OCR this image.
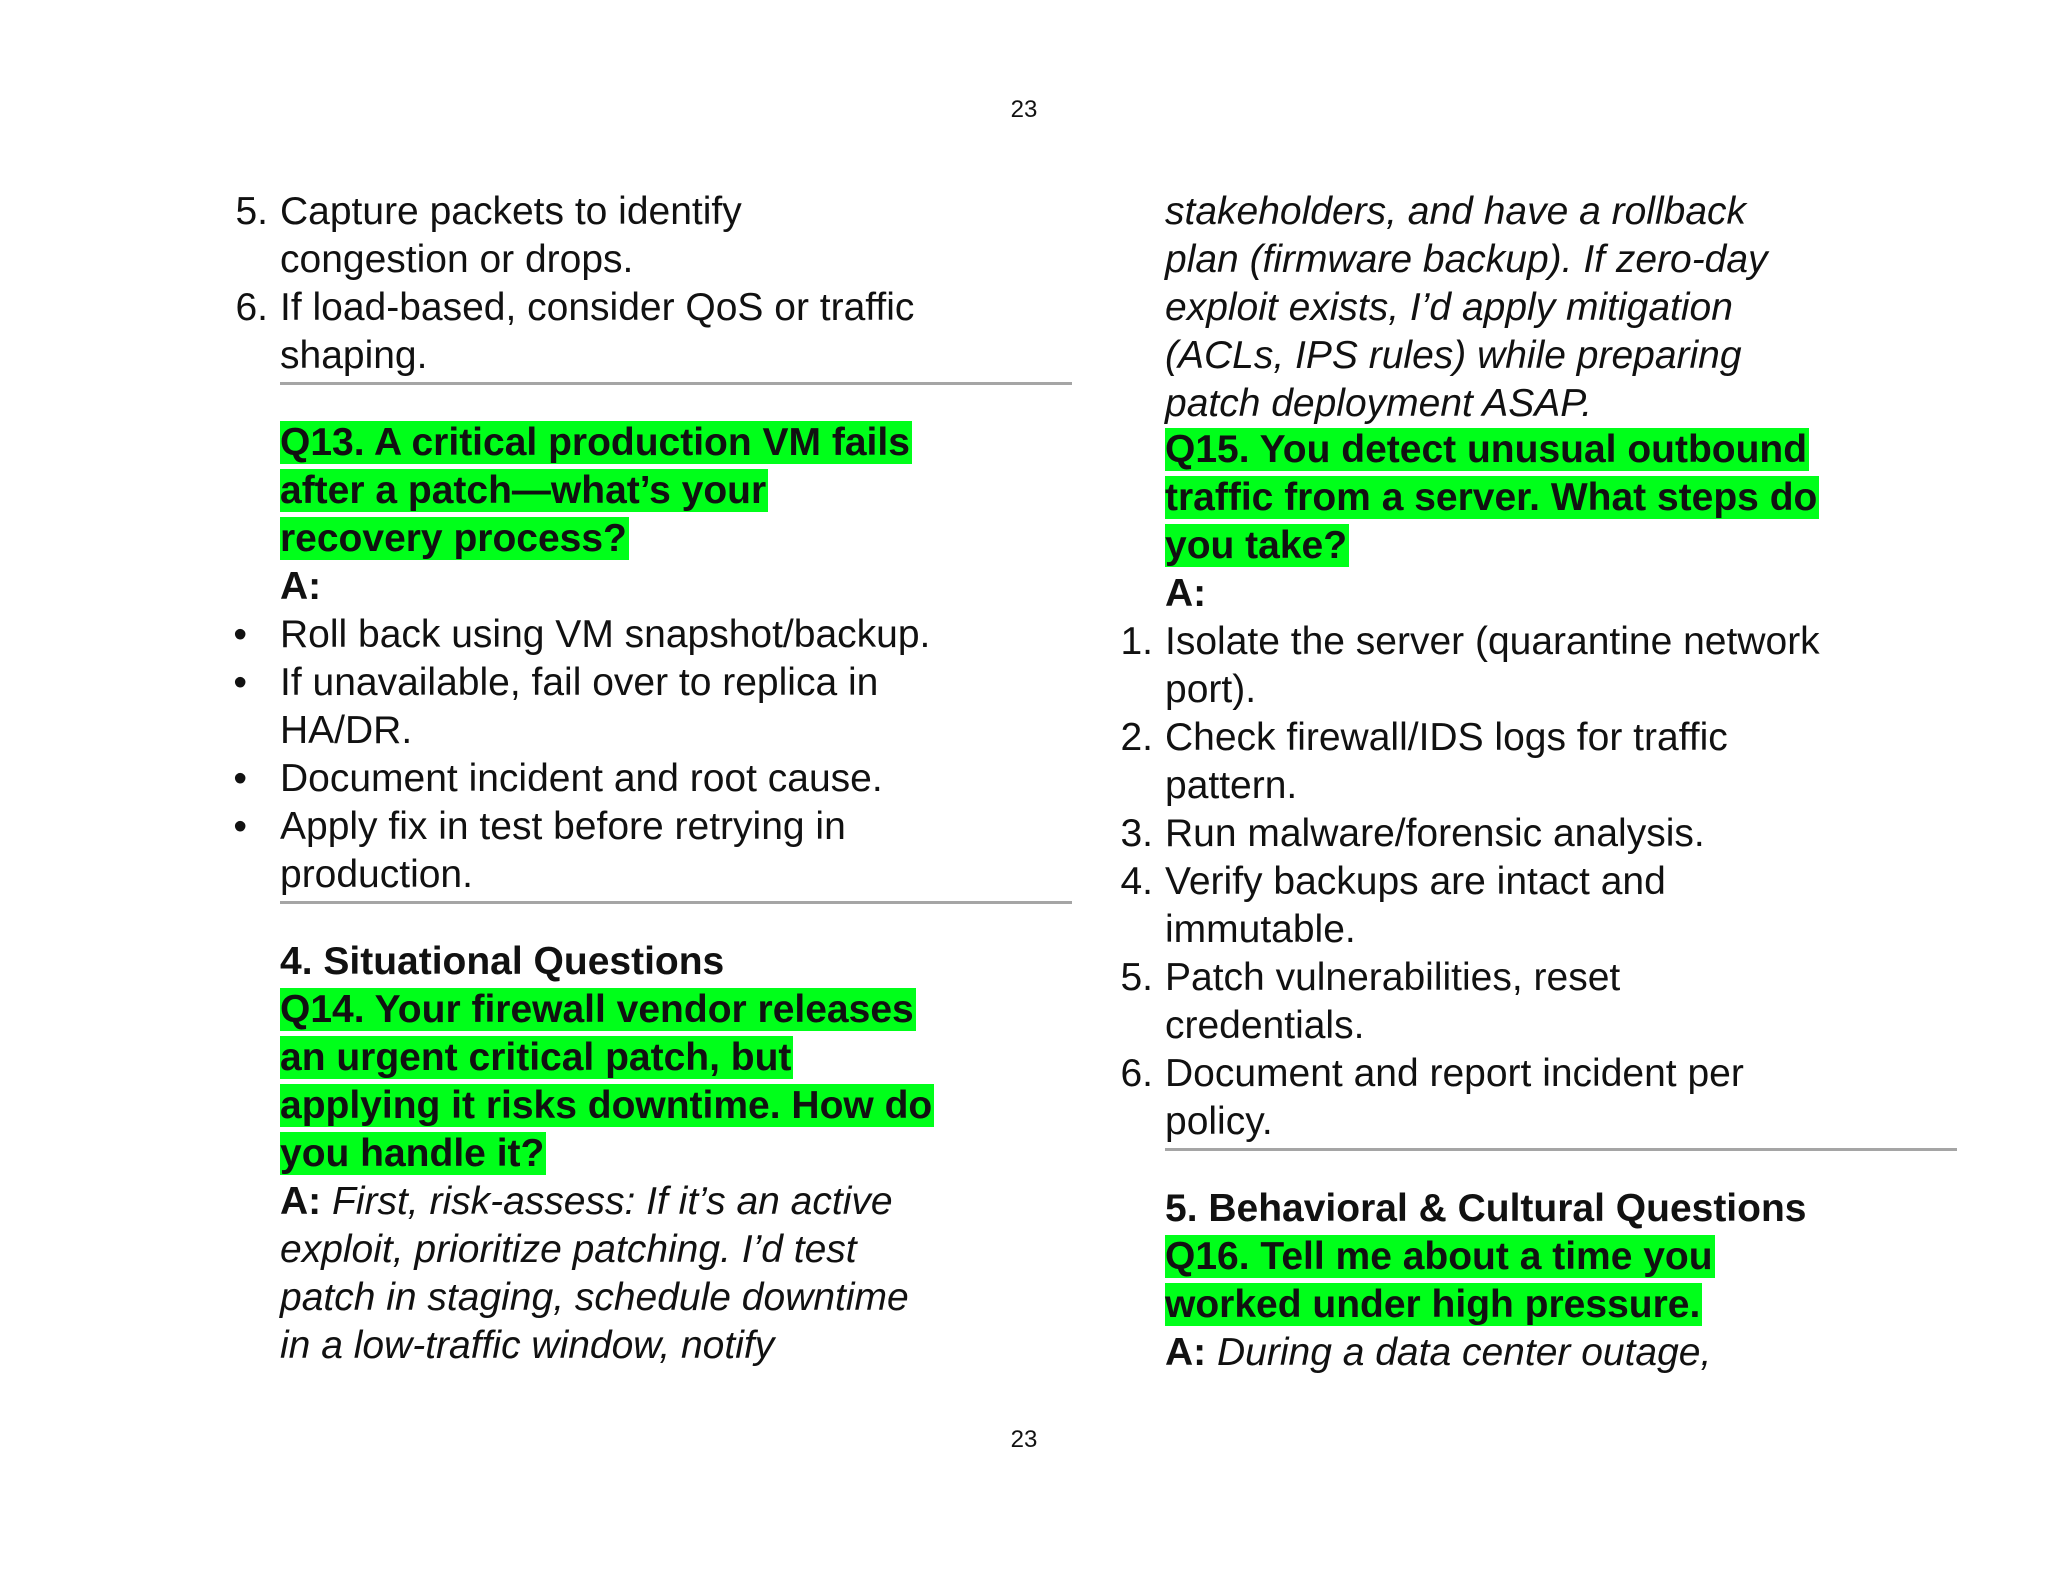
23
5. Capture packets to identify
congestion or drops.
6. If load-based, consider QoS or traffic
shaping.
Q13. A critical production VM fails
after a patch—what’s your
recovery process?
A:
• Roll back using VM snapshot/backup.
• If unavailable, fail over to replica in
HA/DR.
• Document incident and root cause.
• Apply fix in test before retrying in
production.
4. Situational Questions
Q14. Your firewall vendor releases
an urgent critical patch, but
applying it risks downtime. How do
you handle it?
A: First, risk-assess: If it’s an active
exploit, prioritize patching. I’d test
patch in staging, schedule downtime
in a low-traffic window, notify
stakeholders, and have a rollback
plan (firmware backup). If zero-day
exploit exists, I’d apply mitigation
(ACLs, IPS rules) while preparing
patch deployment ASAP.
Q15. You detect unusual outbound
traffic from a server. What steps do
you take?
A:
1. Isolate the server (quarantine network
port).
2. Check firewall/IDS logs for traffic
pattern.
3. Run malware/forensic analysis.
4. Verify backups are intact and
immutable.
5. Patch vulnerabilities, reset
credentials.
6. Document and report incident per
policy.
5. Behavioral & Cultural Questions
Q16. Tell me about a time you
worked under high pressure.
A: During a data center outage,
23
